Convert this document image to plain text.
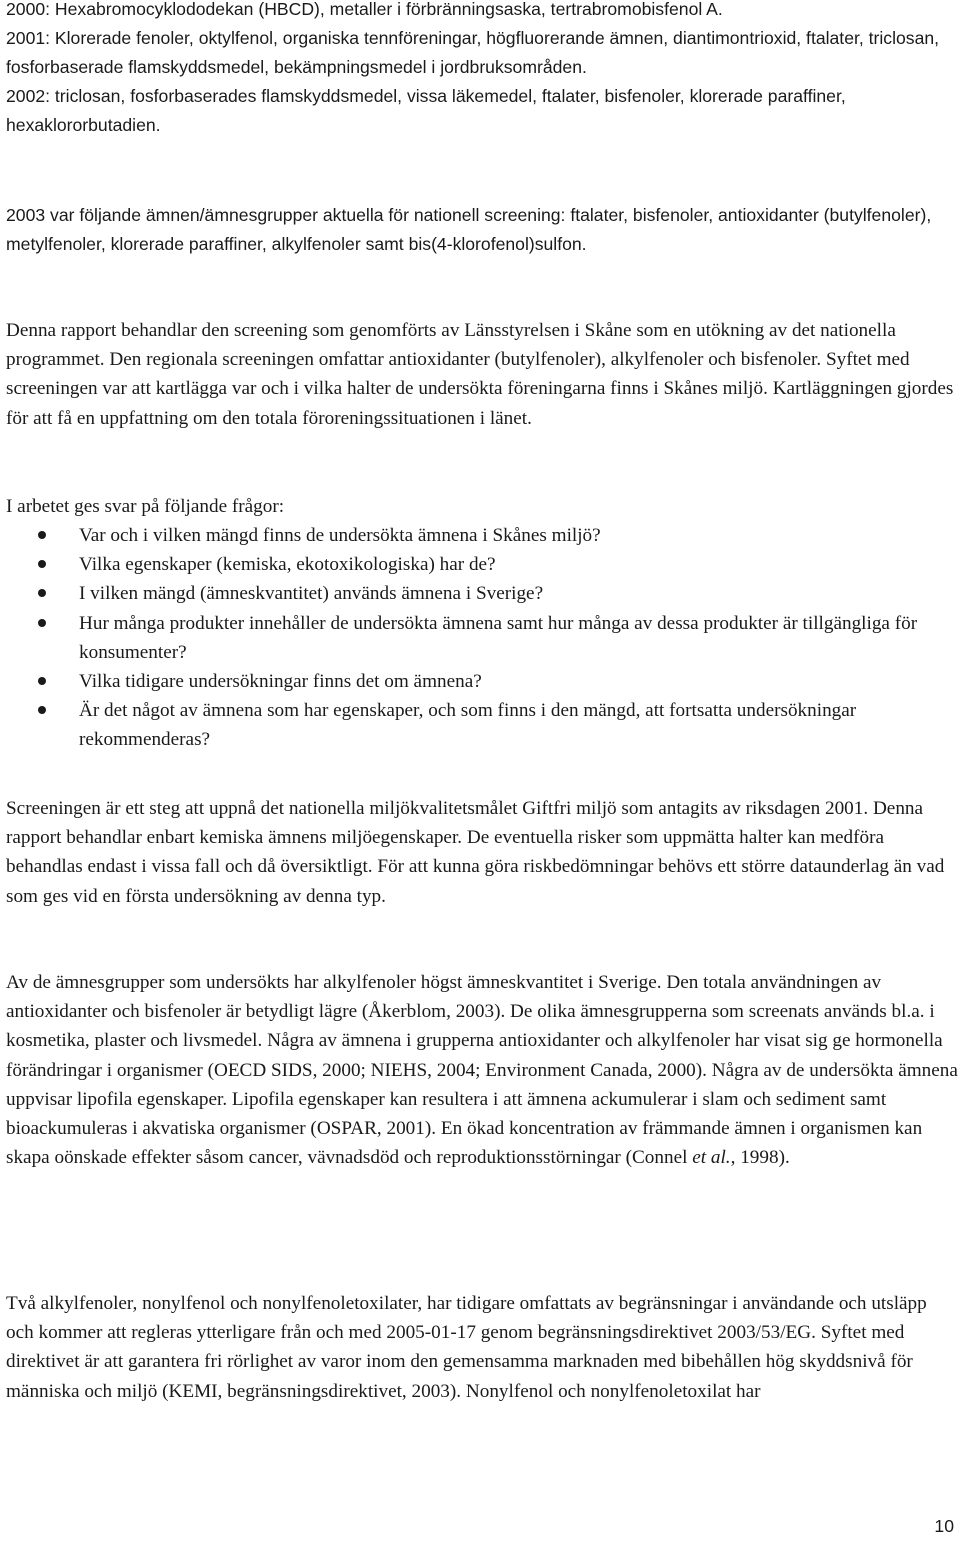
2000: Hexabromocyklododekan (HBCD), metaller i förbränningsaska, tertrabromobisfenol A.

2001: Klorerade fenoler, oktylfenol, organiska tennföreningar, högfluorerande ämnen, diantimontrioxid, ftalater, triclosan, fosforbaserade flamskyddsmedel, bekämpningsmedel i jordbruksområden.

2002: triclosan, fosforbaserades flamskyddsmedel, vissa läkemedel, ftalater, bisfenoler, klorerade paraffiner, hexaklororbutadien.

2003 var följande ämnen/ämnesgrupper aktuella för nationell screening: ftalater, bisfenoler, antioxidanter (butylfenoler), metylfenoler, klorerade paraffiner, alkylfenoler samt bis(4-klorofenol)sulfon.

Denna rapport behandlar den screening som genomförts av Länsstyrelsen i Skåne som en utökning av det nationella programmet. Den regionala screeningen omfattar antioxidanter (butylfenoler), alkylfenoler och bisfenoler. Syftet med screeningen var att kartlägga var och i vilka halter de undersökta föreningarna finns i Skånes miljö. Kartläggningen gjordes för att få en uppfattning om den totala föroreningssituationen i länet.

I arbetet ges svar på följande frågor:

Var och i vilken mängd finns de undersökta ämnena i Skånes miljö?
Vilka egenskaper (kemiska, ekotoxikologiska) har de?
I vilken mängd (ämneskvantitet) används ämnena i Sverige?
Hur många produkter innehåller de undersökta ämnena samt hur många av dessa produkter är tillgängliga för konsumenter?
Vilka tidigare undersökningar finns det om ämnena?
Är det något av ämnena som har egenskaper, och som finns i den mängd, att fortsatta undersökningar rekommenderas?

Screeningen är ett steg att uppnå det nationella miljökvalitetsmålet Giftfri miljö som antagits av riksdagen 2001. Denna rapport behandlar enbart kemiska ämnens miljöegenskaper. De eventuella risker som uppmätta halter kan medföra behandlas endast i vissa fall och då översiktligt. För att kunna göra riskbedömningar behövs ett större dataunderlag än vad som ges vid en första undersökning av denna typ.

Av de ämnesgrupper som undersökts har alkylfenoler högst ämneskvantitet i Sverige. Den totala användningen av antioxidanter och bisfenoler är betydligt lägre (Åkerblom, 2003). De olika ämnesgrupperna som screenats används bl.a. i kosmetika, plaster och livsmedel. Några av ämnena i grupperna antioxidanter och alkylfenoler har visat sig ge hormonella förändringar i organismer (OECD SIDS, 2000; NIEHS, 2004; Environment Canada, 2000). Några av de undersökta ämnena uppvisar lipofila egenskaper. Lipofila egenskaper kan resultera i att ämnena ackumulerar i slam och sediment samt bioackumuleras i akvatiska organismer (OSPAR, 2001). En ökad koncentration av främmande ämnen i organismen kan skapa oönskade effekter såsom cancer, vävnadsdöd och reproduktionsstörningar (Connel et al., 1998).

Två alkylfenoler, nonylfenol och nonylfenoletoxilater, har tidigare omfattats av begränsningar i användande och utsläpp och kommer att regleras ytterligare från och med 2005-01-17 genom begränsningsdirektivet 2003/53/EG. Syftet med direktivet är att garantera fri rörlighet av varor inom den gemensamma marknaden med bibehållen hög skyddsnivå för människa och miljö (KEMI, begränsningsdirektivet, 2003). Nonylfenol och nonylfenoletoxilat har

10
